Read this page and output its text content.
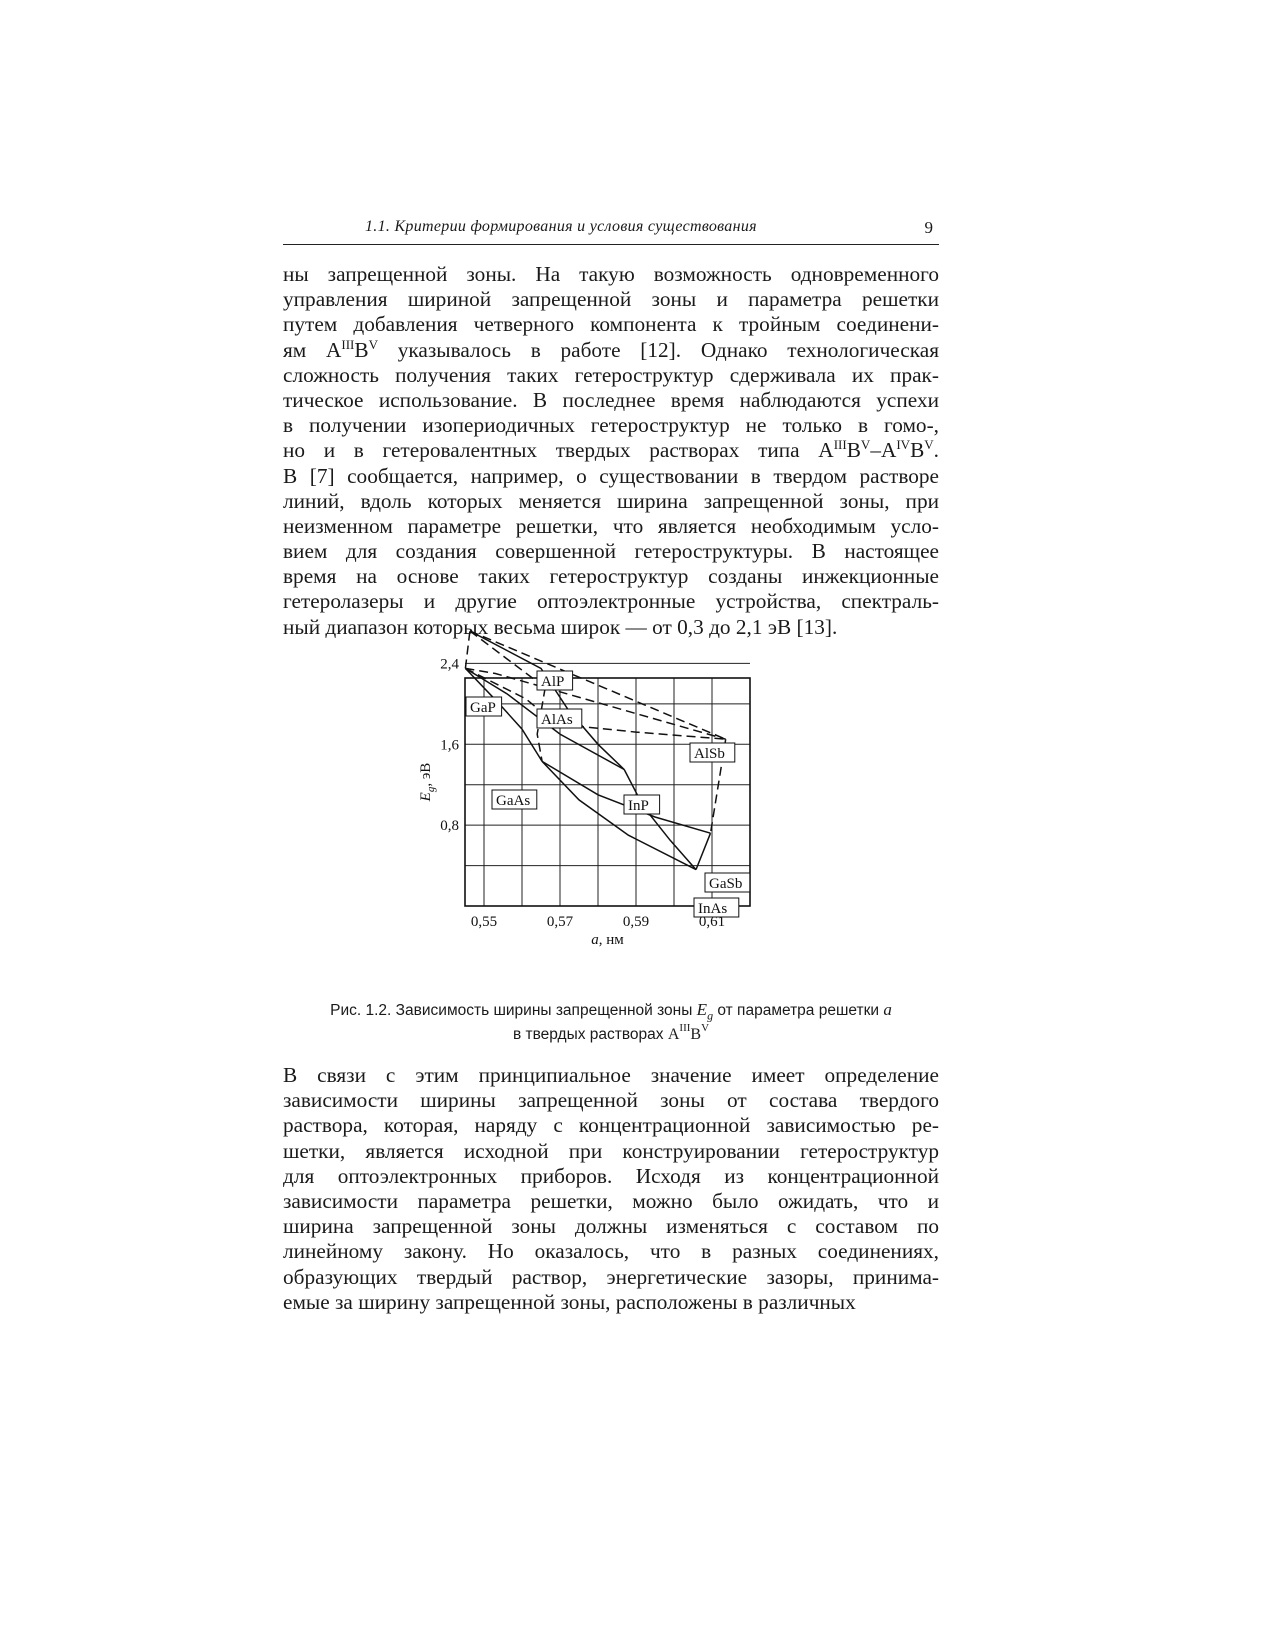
1.1. Критерии формирования и условия существования	9
ны запрещенной зоны. На такую возможность одновременного
управления шириной запрещенной зоны и параметра решетки
путем добавления четверного компонента к тройным соединени-
ям $A^{III}B^V$ указывалось в работе [12]. Однако технологическая
сложность получения таких гетероструктур сдерживала их прак-
тическое использование. В последнее время наблюдаются успехи
в получении изопериодичных гетероструктур не только в гомо-,
но и в гетеровалентных твердых растворах типа $A^{III}B^V-A^{IV}B^V$.
В [7] сообщается, например, о существовании в твердом растворе
линий, вдоль которых меняется ширина запрещенной зоны, при
неизменном параметре решетки, что является необходимым усло-
вием для создания совершенной гетероструктуры. В настоящее
время на основе таких гетероструктур созданы инжекционные
гетеролазеры и другие оптоэлектронные устройства, спектраль-
ный диапазон которых весьма широк — от 0,3 до 2,1 эВ [13].
AlP
GaP
AlAs
AlSb
GaAs	InP
GaSb
InAs
0,8
1,6
2,4
0,55	0,57	0,59	0,61
a, нм
$E_g$, эВ
Рис. 1.2. Зависимость ширины запрещенной зоны $E_g$ от параметра решетки a
в твердых растворах $A^{III}B^V$
В связи с этим принципиальное значение имеет определение
зависимости ширины запрещенной зоны от состава твердого
раствора, которая, наряду с концентрационной зависимостью ре-
шетки, является исходной при конструировании гетероструктур
для оптоэлектронных приборов. Исходя из концентрационной
зависимости параметра решетки, можно было ожидать, что и
ширина запрещенной зоны должны изменяться с составом по
линейному закону. Но оказалось, что в разных соединениях,
образующих твердый раствор, энергетические зазоры, принима-
емые за ширину запрещенной зоны, расположены в различных
